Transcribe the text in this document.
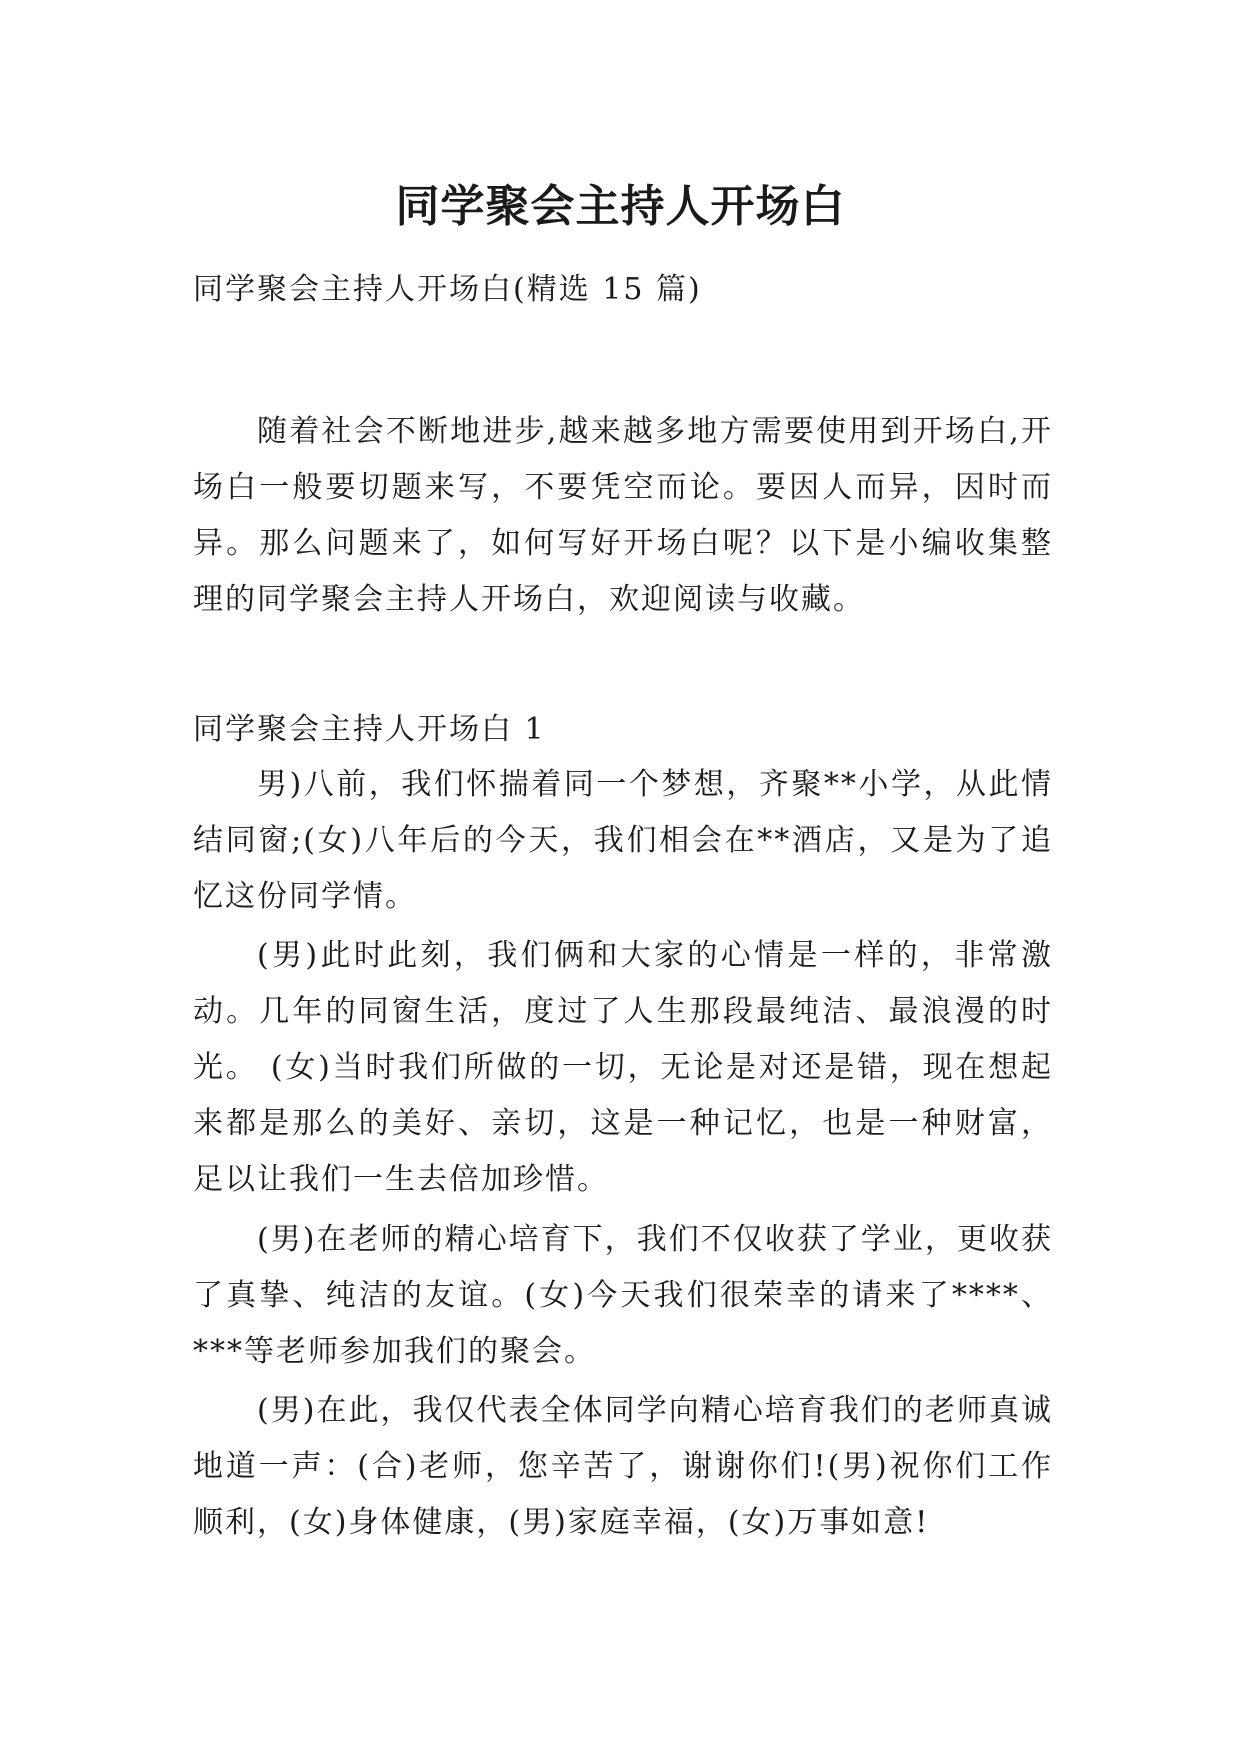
同学聚会主持人开场白

同学聚会主持人开场白(精选 15 篇)

随着社会不断地进步,越来越多地方需要使用到开场白,开场白一般要切题来写，不要凭空而论。要因人而异，因时而异。那么问题来了，如何写好开场白呢？以下是小编收集整理的同学聚会主持人开场白，欢迎阅读与收藏。

同学聚会主持人开场白 1

男)八前，我们怀揣着同一个梦想，齐聚**小学，从此情结同窗;(女)八年后的今天，我们相会在**酒店，又是为了追忆这份同学情。

(男)此时此刻，我们俩和大家的心情是一样的，非常激动。几年的同窗生活，度过了人生那段最纯洁、最浪漫的时光。 (女)当时我们所做的一切，无论是对还是错，现在想起来都是那么的美好、亲切，这是一种记忆，也是一种财富，足以让我们一生去倍加珍惜。

(男)在老师的精心培育下，我们不仅收获了学业，更收获了真挚、纯洁的友谊。(女)今天我们很荣幸的请来了****、***等老师参加我们的聚会。

(男)在此，我仅代表全体同学向精心培育我们的老师真诚地道一声：(合)老师，您辛苦了，谢谢你们!(男)祝你们工作顺利，(女)身体健康，(男)家庭幸福，(女)万事如意!
